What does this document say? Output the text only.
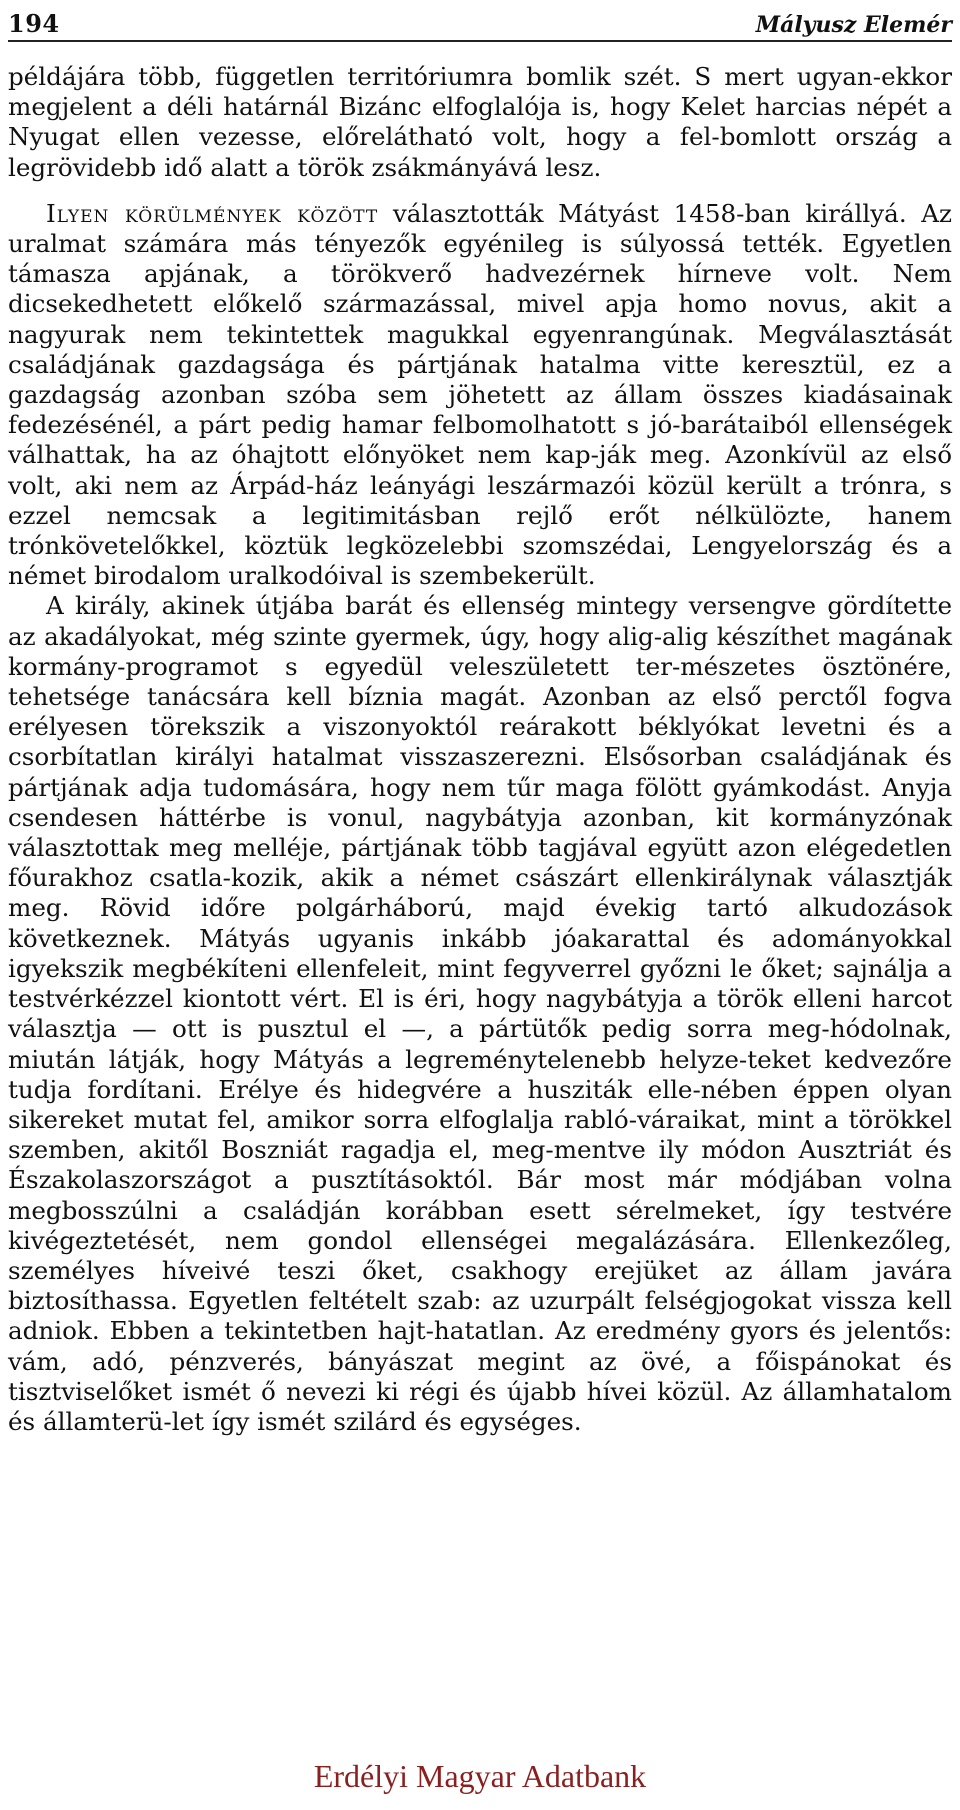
194	Mályusz Elemér

példájára több, független territóriumra bomlik szét. S mert ugyan-ekkor megjelent a déli határnál Bizánc elfoglalója is, hogy Kelet harcias népét a Nyugat ellen vezesse, előrelátható volt, hogy a fel-bomlott ország a legrövidebb idő alatt a török zsákmányává lesz.

Ilyen körülmények között választották Mátyást 1458-ban királlyá. Az uralmat számára más tényezők egyénileg is súlyossá tették. Egyetlen támasza apjának, a törökverő hadvezérnek hírneve volt. Nem dicsekedhetett előkelő származással, mivel apja homo novus, akit a nagyurak nem tekintettek magukkal egyenrangúnak. Megválasztását családjának gazdagsága és pártjának hatalma vitte keresztül, ez a gazdagság azonban szóba sem jöhetett az állam összes kiadásainak fedezésénél, a párt pedig hamar felbomolhatott s jó-barátaiból ellenségek válhattak, ha az óhajtott előnyöket nem kap-ják meg. Azonkívül az első volt, aki nem az Árpád-ház leányági leszármazói közül került a trónra, s ezzel nemcsak a legitimitásban rejlő erőt nélkülözte, hanem trónkövetelőkkel, köztük legközelebbi szomszédai, Lengyelország és a német birodalom uralkodóival is szembekerült.

A király, akinek útjába barát és ellenség mintegy versengve gördítette az akadályokat, még szinte gyermek, úgy, hogy alig-alig készíthet magának kormány-programot s egyedül veleszületett ter-mészetes ösztönére, tehetsége tanácsára kell bíznia magát. Azonban az első perctől fogva erélyesen törekszik a viszonyoktól reárakott béklyókat levetni és a csorbítatlan királyi hatalmat visszaszerezni. Elsősorban családjának és pártjának adja tudomására, hogy nem tűr maga fölött gyámkodást. Anyja csendesen háttérbe is vonul, nagybátyja azonban, kit kormányzónak választottak meg melléje, pártjának több tagjával együtt azon elégedetlen főurakhoz csatla-kozik, akik a német császárt ellenkirálynak választják meg. Rövid időre polgárháború, majd évekig tartó alkudozások következnek. Mátyás ugyanis inkább jóakarattal és adományokkal igyekszik megbékíteni ellenfeleit, mint fegyverrel győzni le őket; sajnálja a testvérkézzel kiontott vért. El is éri, hogy nagybátyja a török elleni harcot választja — ott is pusztul el —, a pártütők pedig sorra meg-hódolnak, miután látják, hogy Mátyás a legreménytelenebb helyze-teket kedvezőre tudja fordítani. Erélye és hidegvére a husziták elle-nében éppen olyan sikereket mutat fel, amikor sorra elfoglalja rabló-váraikat, mint a törökkel szemben, akitől Boszniát ragadja el, meg-mentve ily módon Ausztriát és Északolaszországot a pusztításoktól. Bár most már módjában volna megbosszúlni a családján korábban esett sérelmeket, így testvére kivégeztetését, nem gondol ellenségei megalázására. Ellenkezőleg, személyes híveivé teszi őket, csakhogy erejüket az állam javára biztosíthassa. Egyetlen feltételt szab: az uzurpált felségjogokat vissza kell adniok. Ebben a tekintetben hajt-hatatlan. Az eredmény gyors és jelentős: vám, adó, pénzverés, bányászat megint az övé, a főispánokat és tisztviselőket ismét ő nevezi ki régi és újabb hívei közül. Az államhatalom és államterü-let így ismét szilárd és egységes.

Erdélyi Magyar Adatbank
